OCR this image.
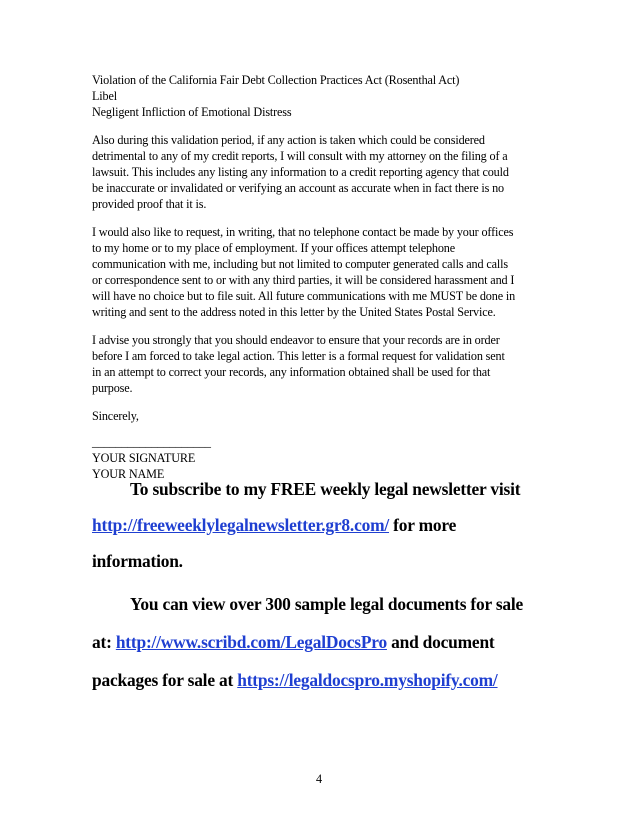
Violation of the California Fair Debt Collection Practices Act (Rosenthal Act)
Libel
Negligent Infliction of Emotional Distress
Also during this validation period, if any action is taken which could be considered
detrimental to any of my credit reports, I will consult with my attorney on the filing of a
lawsuit. This includes any listing any information to a credit reporting agency that could
be inaccurate or invalidated or verifying an account as accurate when in fact there is no
provided proof that it is.
I would also like to request, in writing, that no telephone contact be made by your offices
to my home or to my place of employment. If your offices attempt telephone
communication with me, including but not limited to computer generated calls and calls
or correspondence sent to or with any third parties, it will be considered harassment and I
will have no choice but to file suit. All future communications with me MUST be done in
writing and sent to the address noted in this letter by the United States Postal Service.
I advise you strongly that you should endeavor to ensure that your records are in order
before I am forced to take legal action. This letter is a formal request for validation sent
in an attempt to correct your records, any information obtained shall be used for that
purpose.
Sincerely,
____________________
YOUR SIGNATURE
YOUR NAME
To subscribe to my FREE weekly legal newsletter visit
http://freeweeklylegalnewsletter.gr8.com/ for more
information.
You can view over 300 sample legal documents for sale
at: http://www.scribd.com/LegalDocsPro and document
packages for sale at https://legaldocspro.myshopify.com/
4
